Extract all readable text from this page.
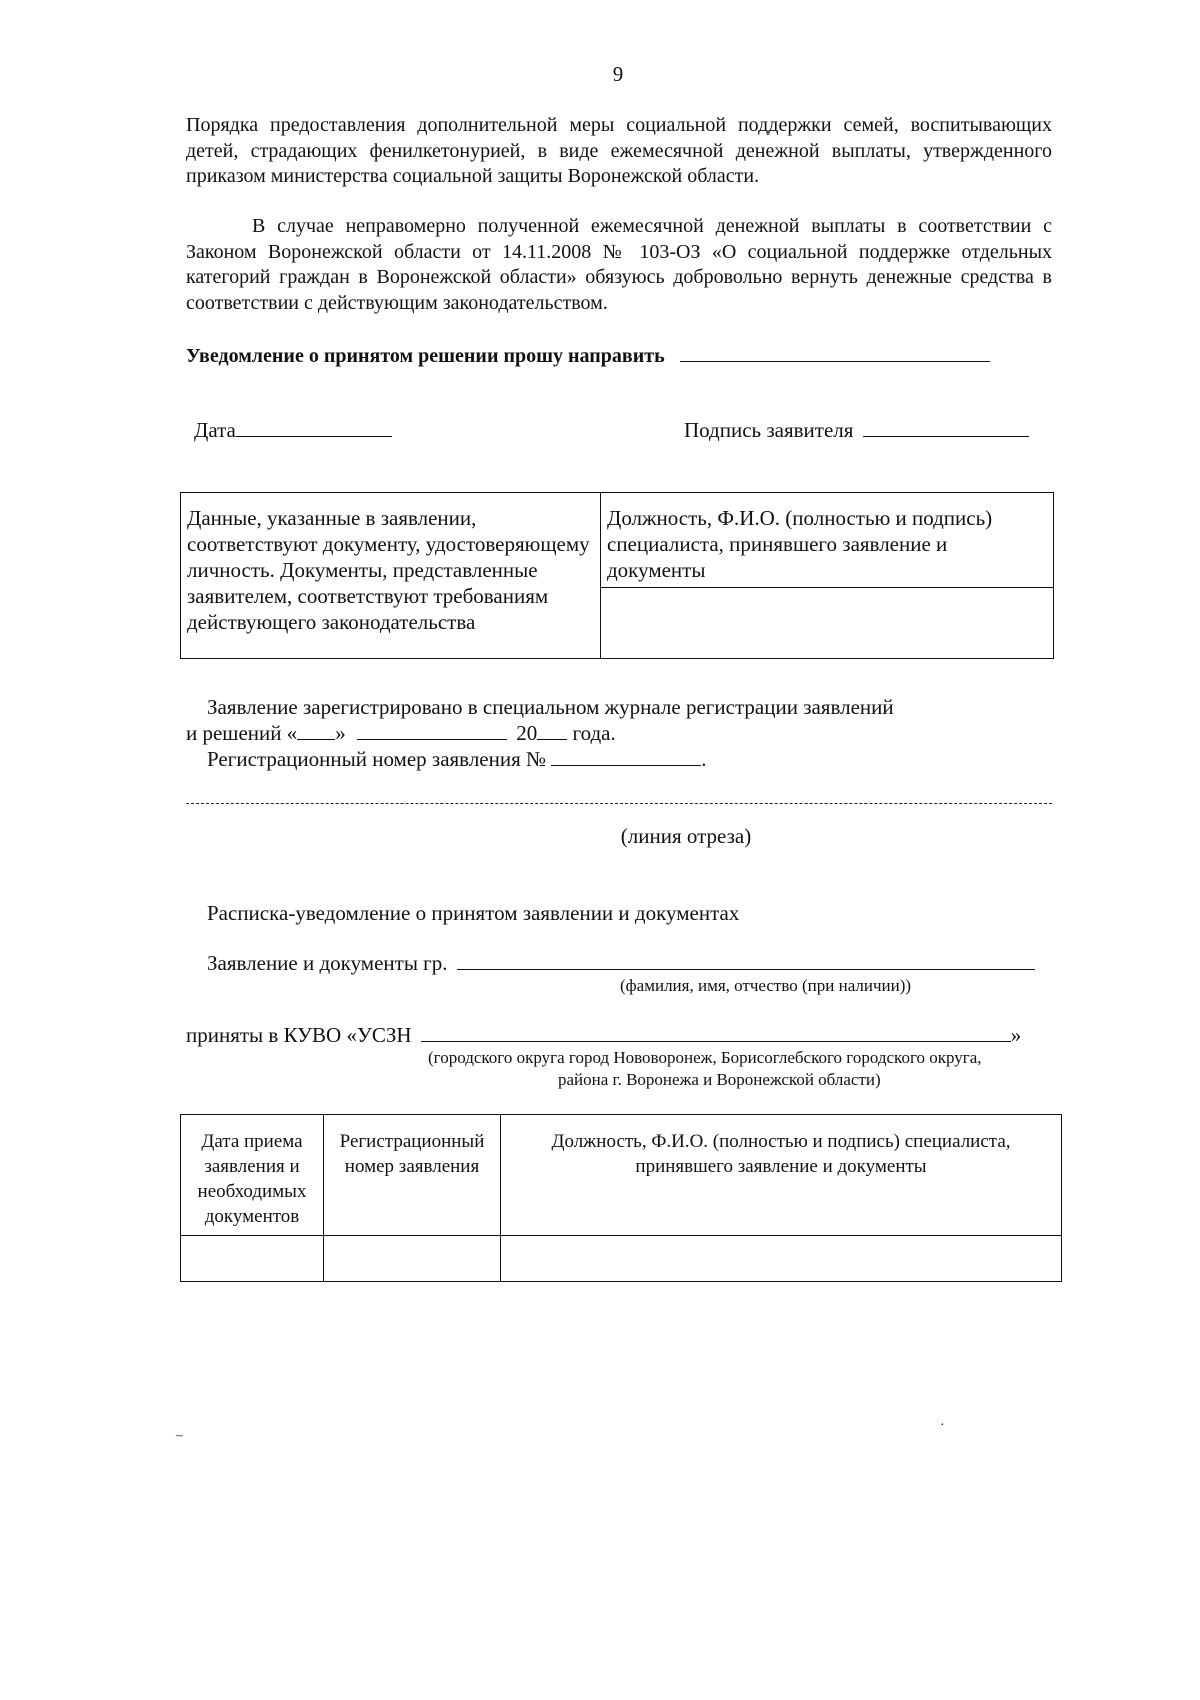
9
Порядка предоставления дополнительной меры социальной поддержки семей, воспитывающих детей, страдающих фенилкетонурией, в виде ежемесячной денежной выплаты, утвержденного приказом министерства социальной защиты Воронежской области.
В случае неправомерно полученной ежемесячной денежной выплаты в соответствии с Законом Воронежской области от 14.11.2008 № 103-ОЗ «О социальной поддержке отдельных категорий граждан в Воронежской области» обязуюсь добровольно вернуть денежные средства в соответствии с действующим законодательством.
Уведомление о принятом решении прошу направить
Дата	Подпись заявителя
Данные, указанные в заявлении, соответствуют документу, удостоверяющему личность. Документы, представленные заявителем, соответствуют требованиям действующего законодательства	Должность, Ф.И.О. (полностью и подпись) специалиста, принявшего заявление и документы

Заявление зарегистрировано в специальном журнале регистрации заявлений
и решений « »	20 года.
Регистрационный номер заявления №	.
(линия отреза)
Расписка-уведомление о принятом заявлении и документах
Заявление и документы гр.
(фамилия, имя, отчество (при наличии))
приняты в КУВО «УСЗН	»
(городского округа город Нововоронеж, Борисоглебского городского округа,
района г. Воронежа и Воронежской области)
Дата приема заявления и необходимых документов	Регистрационный номер заявления	Должность, Ф.И.О. (полностью и подпись) специалиста, принявшего заявление и документы

–
·
